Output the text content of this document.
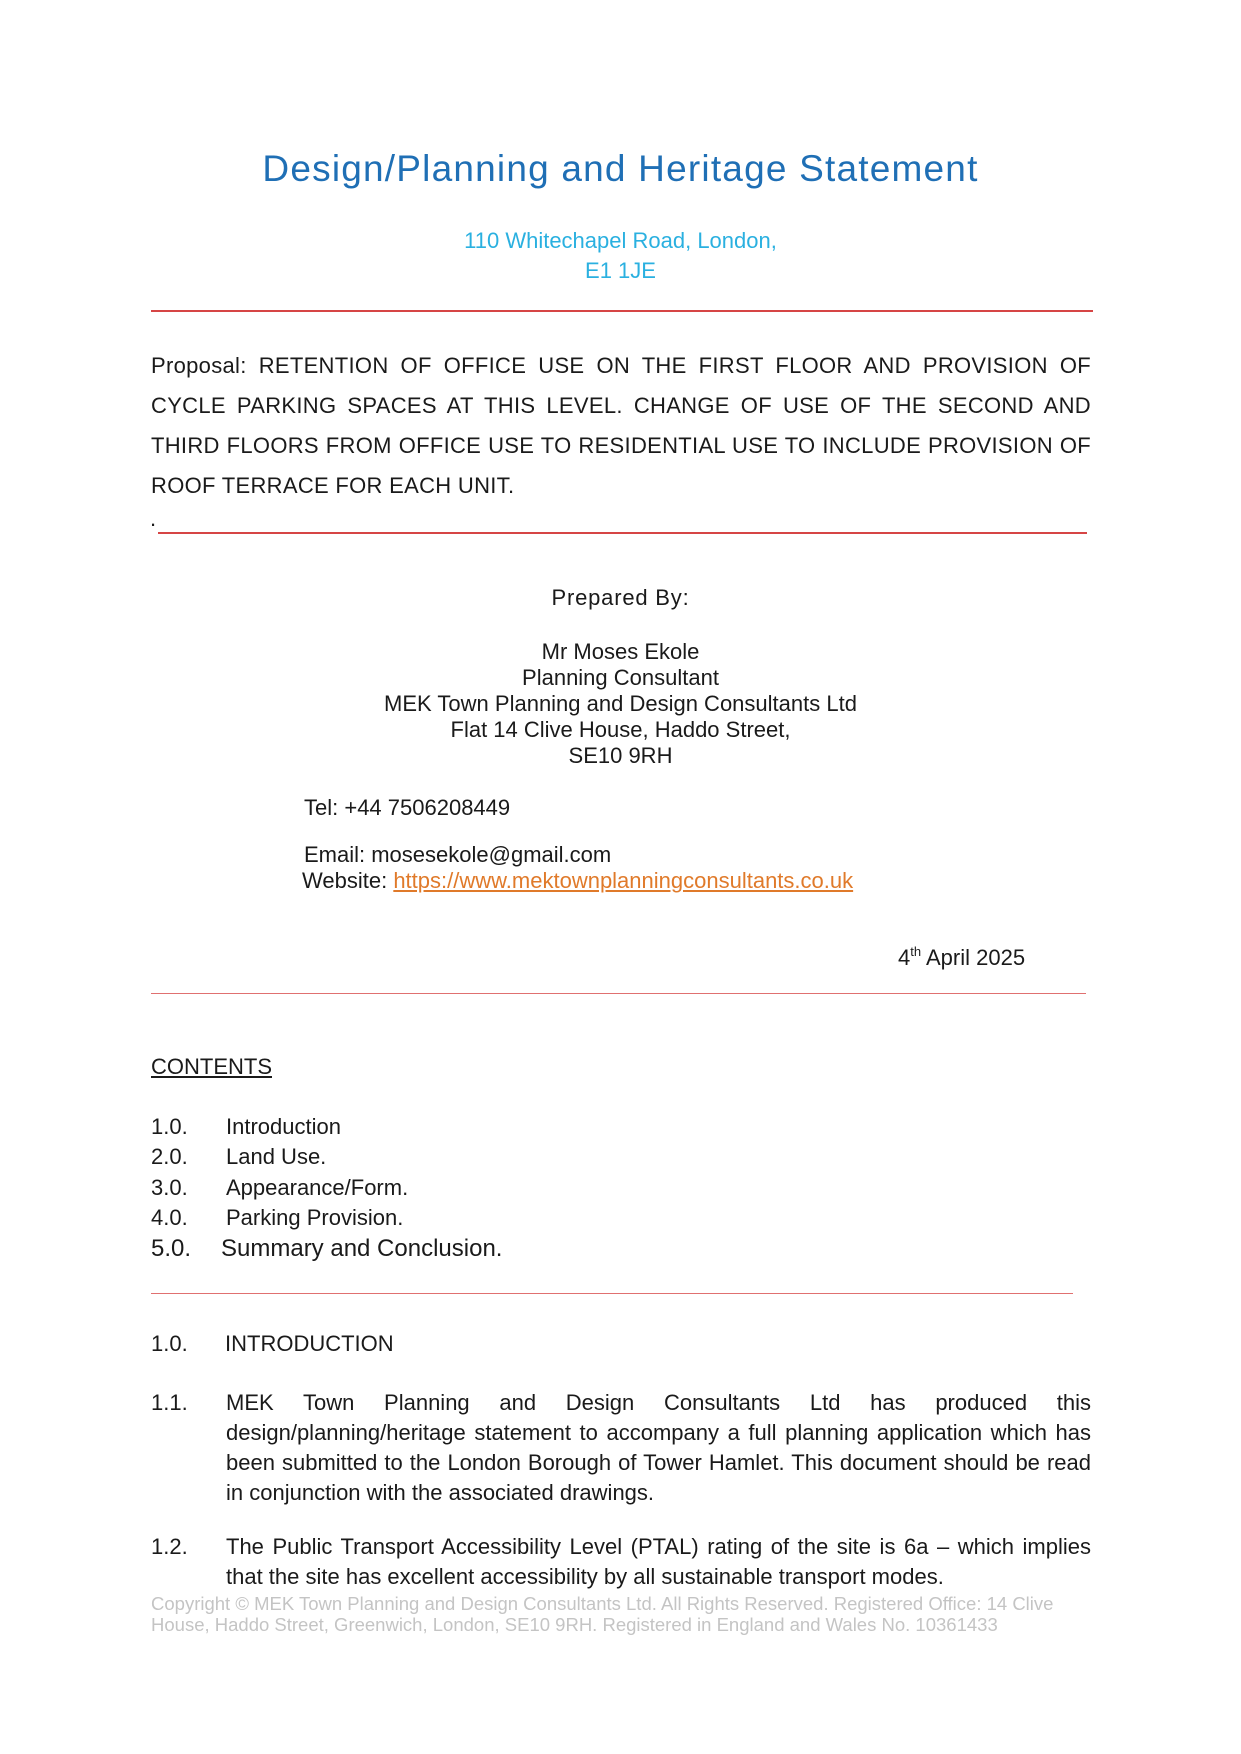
Design/Planning and Heritage Statement
110 Whitechapel Road, London,
E1 1JE
Proposal: RETENTION OF OFFICE USE ON THE FIRST FLOOR AND PROVISION OF CYCLE PARKING SPACES AT THIS LEVEL. CHANGE OF USE OF THE SECOND AND THIRD FLOORS FROM OFFICE USE TO RESIDENTIAL USE TO INCLUDE PROVISION OF ROOF TERRACE FOR EACH UNIT.
.
Prepared By:
Mr Moses Ekole
Planning Consultant
MEK Town Planning and Design Consultants Ltd
Flat 14 Clive House, Haddo Street,
SE10 9RH
Tel: +44 7506208449
Email: mosesekole@gmail.com
Website: https://www.mektownplanningconsultants.co.uk
4th April 2025
CONTENTS
1.0. Introduction
2.0. Land Use.
3.0. Appearance/Form.
4.0. Parking Provision.
5.0. Summary and Conclusion.
1.0. INTRODUCTION
1.1.	MEK Town Planning and Design Consultants Ltd has produced this design/planning/heritage statement to accompany a full planning application which has been submitted to the London Borough of Tower Hamlet. This document should be read in conjunction with the associated drawings.
1.2.	The Public Transport Accessibility Level (PTAL) rating of the site is 6a – which implies that the site has excellent accessibility by all sustainable transport modes.
Copyright © MEK Town Planning and Design Consultants Ltd. All Rights Reserved. Registered Office: 14 Clive House, Haddo Street, Greenwich, London, SE10 9RH. Registered in England and Wales No. 10361433
